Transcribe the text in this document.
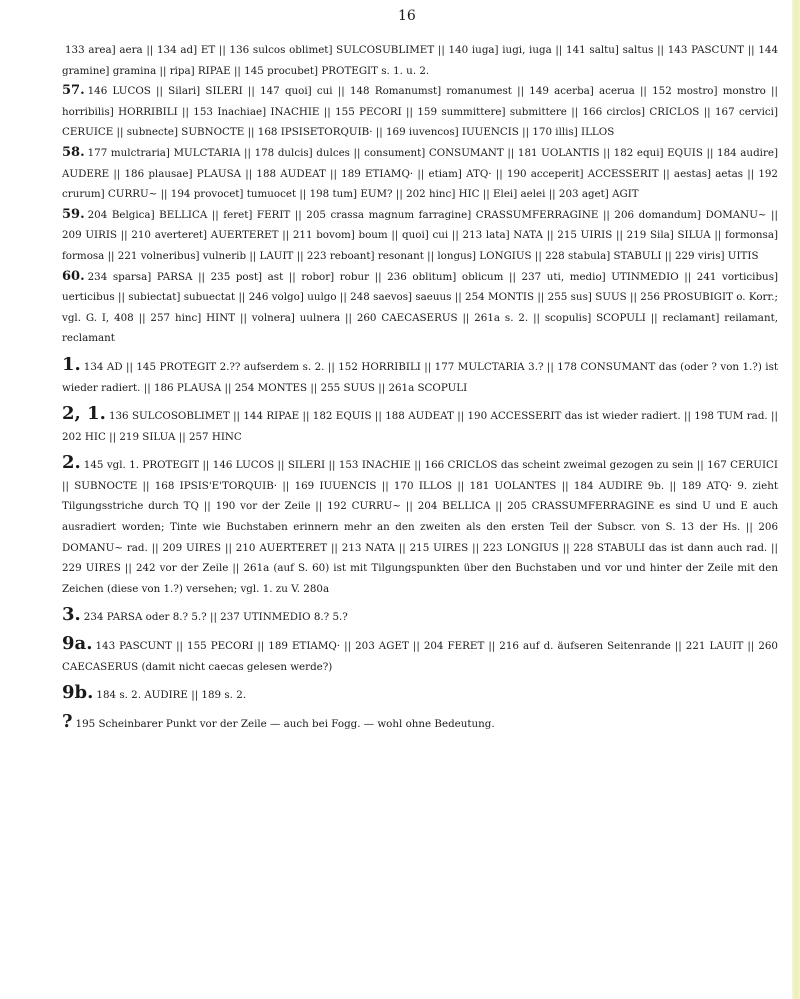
16

133 area] aera || 134 ad] ET || 136 sulcos oblimet] SULCOSUBLIMET || 140 iuga] iugi, iuga || 141 saltu] saltus || 143 PASCUNT || 144 gramine] gramina || ripa] RIPAE || 145 procubet] PROTEGIT s. 1. u. 2.

57. 146 LUCOS || Silari] SILERI || 147 quoi] cui || 148 Romanumst] romanumest || 149 acerba] acerua || 152 mostro] monstro || horribilis] HORRIBILI || 153 Inachiae] INACHIE || 155 PECORI || 159 summittere] submittere || 166 circlos] CRICLOS || 167 cervici] CERUICE || subnecte] SUBNOCTE || 168 IPSISETORQUIB· || 169 iuvencos] IUUENCIS || 170 illis] ILLOS

58. 177 mulctraria] MULCTARIA || 178 dulcis] dulces || consument] CONSUMANT || 181 UOLANTIS || 182 equi] EQUIS || 184 audire] AUDERE || 186 plausae] PLAUSA || 188 AUDEAT || 189 ETIAMQ· || etiam] ATQ· || 190 acceperit] ACCESSERIT || aestas] aetas || 192 crurum] CURRU~ || 194 provocet] tumuocet || 198 tum] EUM? || 202 hinc] HIC || Elei] aelei || 203 aget] AGIT

59. 204 Belgica] BELLICA || feret] FERIT || 205 crassa magnum farragine] CRASSUMFERRAGINE || 206 domandum] DOMANU~ || 209 UIRIS || 210 averteret] AUERTERET || 211 bovom] boum || quoi] cui || 213 lata] NATA || 215 UIRIS || 219 Sila] SILUA || formonsa] formosa || 221 volneribus] vulnerib || LAUIT || 223 reboant] resonant || longus] LONGIUS || 228 stabula] STABULI || 229 viris] UITIS

60. 234 sparsa] PARSA || 235 post] ast || robor] robur || 236 oblitum] oblicum || 237 uti, medio] UTINMEDIO || 241 vorticibus] uerticibus || subiectat] subuectat || 246 volgo] uulgo || 248 saevos] saeuus || 254 MONTIS || 255 sus] SUUS || 256 PROSUBIGIT o. Korr.; vgl. G. I, 408 || 257 hinc] HINT || volnera] uulnera || 260 CAECASERUS || 261a s. 2. || scopulis] SCOPULI || reclamant] reilamant, reclamant

1. 134 AD || 145 PROTEGIT 2.?? aufserdem s. 2. || 152 HORRIBILI || 177 MULCTARIA 3.? || 178 CONSUMANT das (oder ? von 1.?) ist wieder radiert. || 186 PLAUSA || 254 MONTES || 255 SUUS || 261a SCOPULI

2, 1. 136 SULCOSOBLIMET || 144 RIPAE || 182 EQUIS || 188 AUDEAT || 190 ACCESSERIT das ist wieder radiert. || 198 TUM rad. || 202 HIC || 219 SILUA || 257 HINC

2. 145 vgl. 1. PROTEGIT || 146 LUCOS || SILERI || 153 INACHIE || 166 CRICLOS das scheint zweimal gezogen zu sein || 167 CERUICI || SUBNOCTE || 168 IPSIS'E'TORQUIB· || 169 IUUENCIS || 170 ILLOS || 181 UOLANTES || 184 AUDIRE 9b. || 189 ATQ· 9. zieht Tilgungsstriche durch TQ || 190 vor der Zeile || 192 CURRU~ || 204 BELLICA || 205 CRASSUMFERRAGINE es sind U und E auch ausradiert worden; Tinte wie Buchstaben erinnern mehr an den zweiten als den ersten Teil der Subscr. von S. 13 der Hs. || 206 DOMANU~ rad. || 209 UIRES || 210 AUERTERET || 213 NATA || 215 UIRES || 223 LONGIUS || 228 STABULI das ist dann auch rad. || 229 UIRES || 242 vor der Zeile || 261a (auf S. 60) ist mit Tilgungspunkten über den Buchstaben und vor und hinter der Zeile mit den Zeichen (diese von 1.?) versehen; vgl. 1. zu V. 280a

3. 234 PARSA oder 8.? 5.? || 237 UTINMEDIO 8.? 5.?

9a. 143 PASCUNT || 155 PECORI || 189 ETIAMQ· || 203 AGET || 204 FERET || 216 auf d. äufseren Seitenrande || 221 LAUIT || 260 CAECASERUS (damit nicht caecas gelesen werde?)

9b. 184 s. 2. AUDIRE || 189 s. 2.

? 195 Scheinbarer Punkt vor der Zeile — auch bei Fogg. — wohl ohne Bedeutung.
